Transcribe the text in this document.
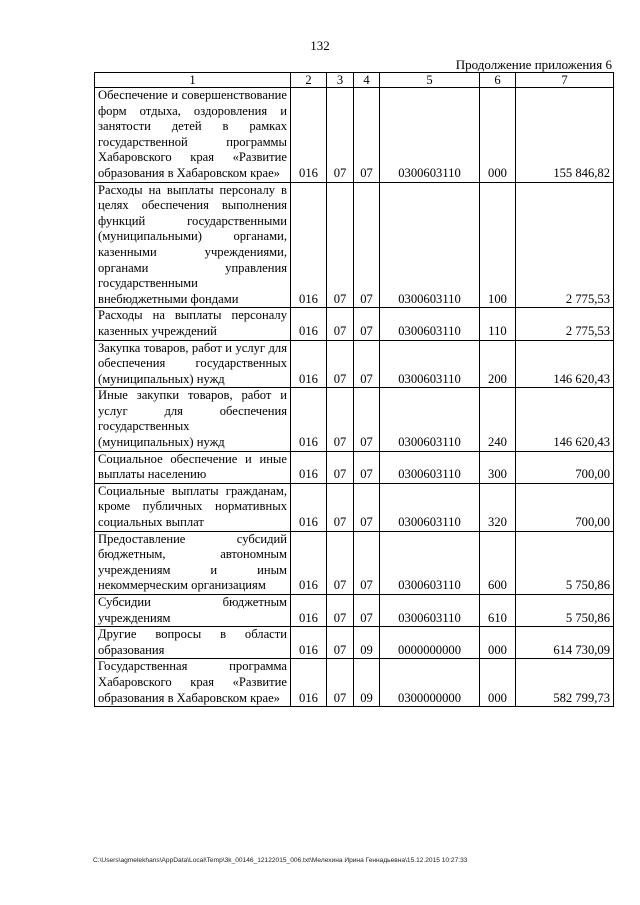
132
Продолжение приложения 6
1	2	3	4	5	6	7
Обеспечение и совершенствование форм отдыха, оздоровления и занятости детей в рамках государственной программы Хабаровского края «Развитие образования в Хабаровском крае»	016	07	07	0300603110	000	155 846,82
Расходы на выплаты персоналу в целях обеспечения выполнения функций государственными (муниципальными) органами, казенными учреждениями, органами управления государственными внебюджетными фондами	016	07	07	0300603110	100	2 775,53
Расходы на выплаты персоналу казенных учреждений	016	07	07	0300603110	110	2 775,53
Закупка товаров, работ и услуг для обеспечения государственных (муниципальных) нужд	016	07	07	0300603110	200	146 620,43
Иные закупки товаров, работ и услуг для обеспечения государственных (муниципальных) нужд	016	07	07	0300603110	240	146 620,43
Социальное обеспечение и иные выплаты населению	016	07	07	0300603110	300	700,00
Социальные выплаты гражданам, кроме публичных нормативных социальных выплат	016	07	07	0300603110	320	700,00
Предоставление субсидий бюджетным, автономным учреждениям и иным некоммерческим организациям	016	07	07	0300603110	600	5 750,86
Субсидии бюджетным учреждениям	016	07	07	0300603110	610	5 750,86
Другие вопросы в области образования	016	07	09	0000000000	000	614 730,09
Государственная программа Хабаровского края «Развитие образования в Хабаровском крае»	016	07	09	0300000000	000	582 799,73
C:\Users\agmelekhans\AppData\Local\Temp\3k_00146_12122015_006.txt\Мелехина Ирина Геннадьевна\15.12.2015 10:27:33
